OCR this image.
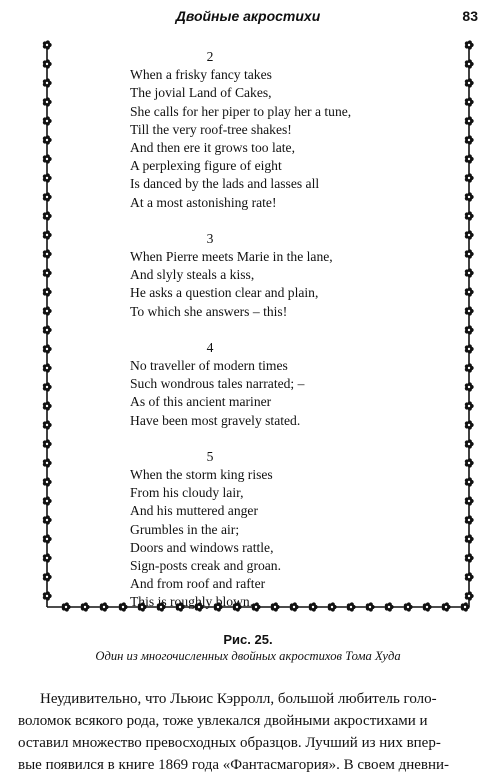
Двойные акростихи	83
2
When a frisky fancy takes
The jovial Land of Cakes,
She calls for her piper to play her a tune,
Till the very roof-tree shakes!
And then ere it grows too late,
A perplexing figure of eight
Is danced by the lads and lasses all
At a most astonishing rate!
3
When Pierre meets Marie in the lane,
And slyly steals a kiss,
He asks a question clear and plain,
To which she answers – this!
4
No traveller of modern times
Such wondrous tales narrated; –
As of this ancient mariner
Have been most gravely stated.
5
When the storm king rises
From his cloudy lair,
And his muttered anger
Grumbles in the air;
Doors and windows rattle,
Sign-posts creak and groan.
And from roof and rafter
This is roughly blown.
Рис. 25.
Один из многочисленных двойных акростихов Тома Худа
Неудивительно, что Льюис Кэрролл, большой любитель голо-
воломок всякого рода, тоже увлекался двойными акростихами и
оставил множество превосходных образцов. Лучший из них впер-
вые появился в книге 1869 года «Фантасмагория». В своем дневни-
